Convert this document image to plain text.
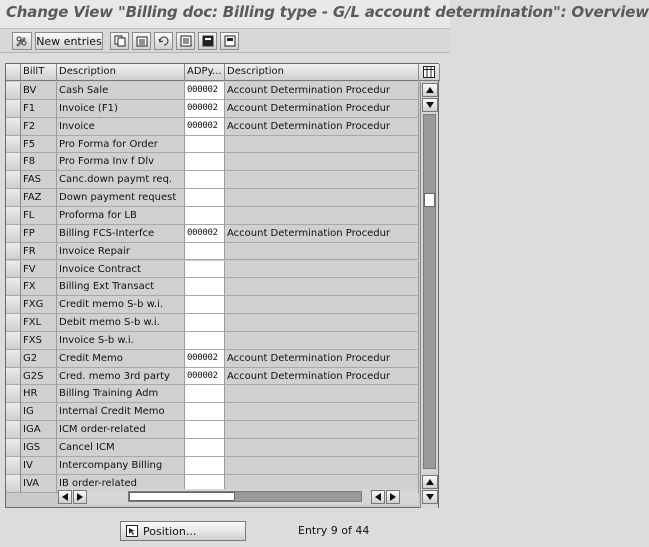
Change View "Billing doc: Billing type - G/L account determination": Overview
New entries
BillT	Description	ADPy... Description
BV	Cash Sale	000002 Account Determination Procedur
F1	Invoice (F1)	000002 Account Determination Procedur
F2	Invoice	000002 Account Determination Procedur
F5	Pro Forma for Order
F8	Pro Forma Inv f Dlv
FAS	Canc.down paymt req.
FAZ	Down payment request
FL	Proforma for LB
FP	Billing FCS-Interfce	000002 Account Determination Procedur
FR	Invoice Repair
FV	Invoice Contract
FX	Billing Ext Transact
FXG	Credit memo S-b w.i.
FXL	Debit memo S-b w.i.
FXS	Invoice S-b w.i.
G2	Credit Memo	000002 Account Determination Procedur
G2S	Cred. memo 3rd party	000002 Account Determination Procedur
HR	Billing Training Adm
IG	Internal Credit Memo
IGA	ICM order-related
IGS	Cancel ICM
IV	Intercompany Billing
IVA	IB order-related
Position...	Entry 9 of 44
